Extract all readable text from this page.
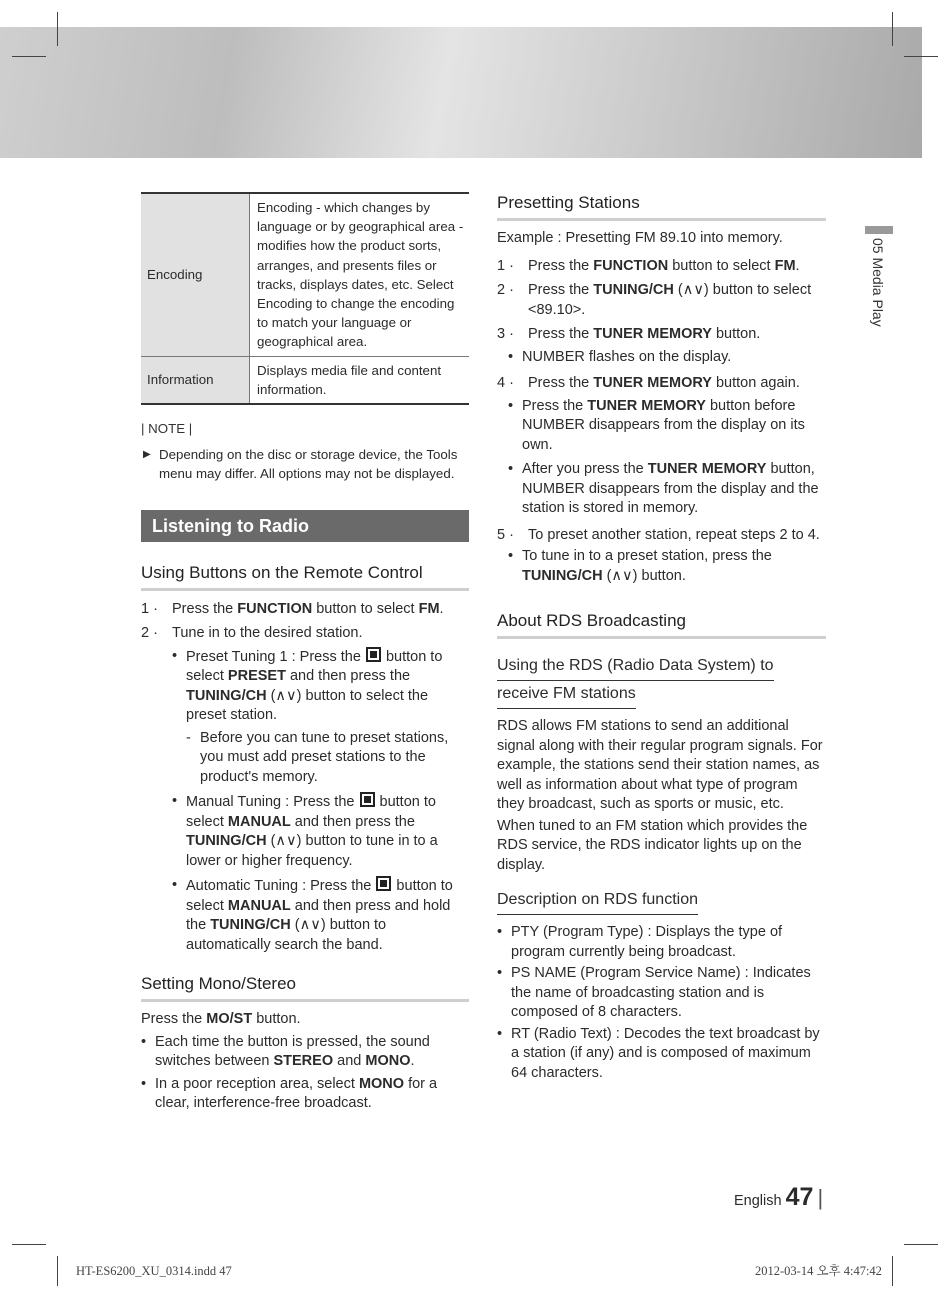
05 Media Play
Encoding	Encoding - which changes by language or by geographical area - modifies how the product sorts, arranges, and presents files or tracks, displays dates, etc. Select Encoding to change the encoding to match your language or geographical area.
Information	Displays media file and content information.
| NOTE |
▶ Depending on the disc or storage device, the Tools menu may differ. All options may not be displayed.
Listening to Radio
Using Buttons on the Remote Control
1 · Press the FUNCTION button to select FM.
2 · Tune in to the desired station.
• Preset Tuning 1 : Press the  button to select PRESET and then press the TUNING/CH (∧∨) button to select the preset station.
- Before you can tune to preset stations, you must add preset stations to the product's memory.
• Manual Tuning : Press the  button to select MANUAL and then press the TUNING/CH (∧∨) button to tune in to a lower or higher frequency.
• Automatic Tuning : Press the  button to select MANUAL and then press and hold the TUNING/CH (∧∨) button to automatically search the band.
Setting Mono/Stereo

Press the MO/ST button.

• Each time the button is pressed, the sound switches between STEREO and MONO.
• In a poor reception area, select MONO for a clear, interference-free broadcast.
Presetting Stations

Example : Presetting FM 89.10 into memory.

1 · Press the FUNCTION button to select FM.
2 · Press the TUNING/CH (∧∨) button to select <89.10>.
3 · Press the TUNER MEMORY button.
• NUMBER flashes on the display.
4 · Press the TUNER MEMORY button again.
• Press the TUNER MEMORY button before NUMBER disappears from the display on its own.
• After you press the TUNER MEMORY button, NUMBER disappears from the display and the station is stored in memory.
5 · To preset another station, repeat steps 2 to 4.
• To tune in to a preset station, press the TUNING/CH (∧∨) button.
About RDS Broadcasting
Using the RDS (Radio Data System) to
receive FM stations

RDS allows FM stations to send an additional signal along with their regular program signals. For example, the stations send their station names, as well as information about what type of program they broadcast, such as sports or music, etc.

When tuned to an FM station which provides the RDS service, the RDS indicator lights up on the display.

Description on RDS function
• PTY (Program Type) : Displays the type of program currently being broadcast.
• PS NAME (Program Service Name) : Indicates the name of broadcasting station and is composed of 8 characters.
• RT (Radio Text) : Decodes the text broadcast by a station (if any) and is composed of maximum 64 characters.
English 47 |
HT-ES6200_XU_0314.indd 47	2012-03-14 오후 4:47:42
